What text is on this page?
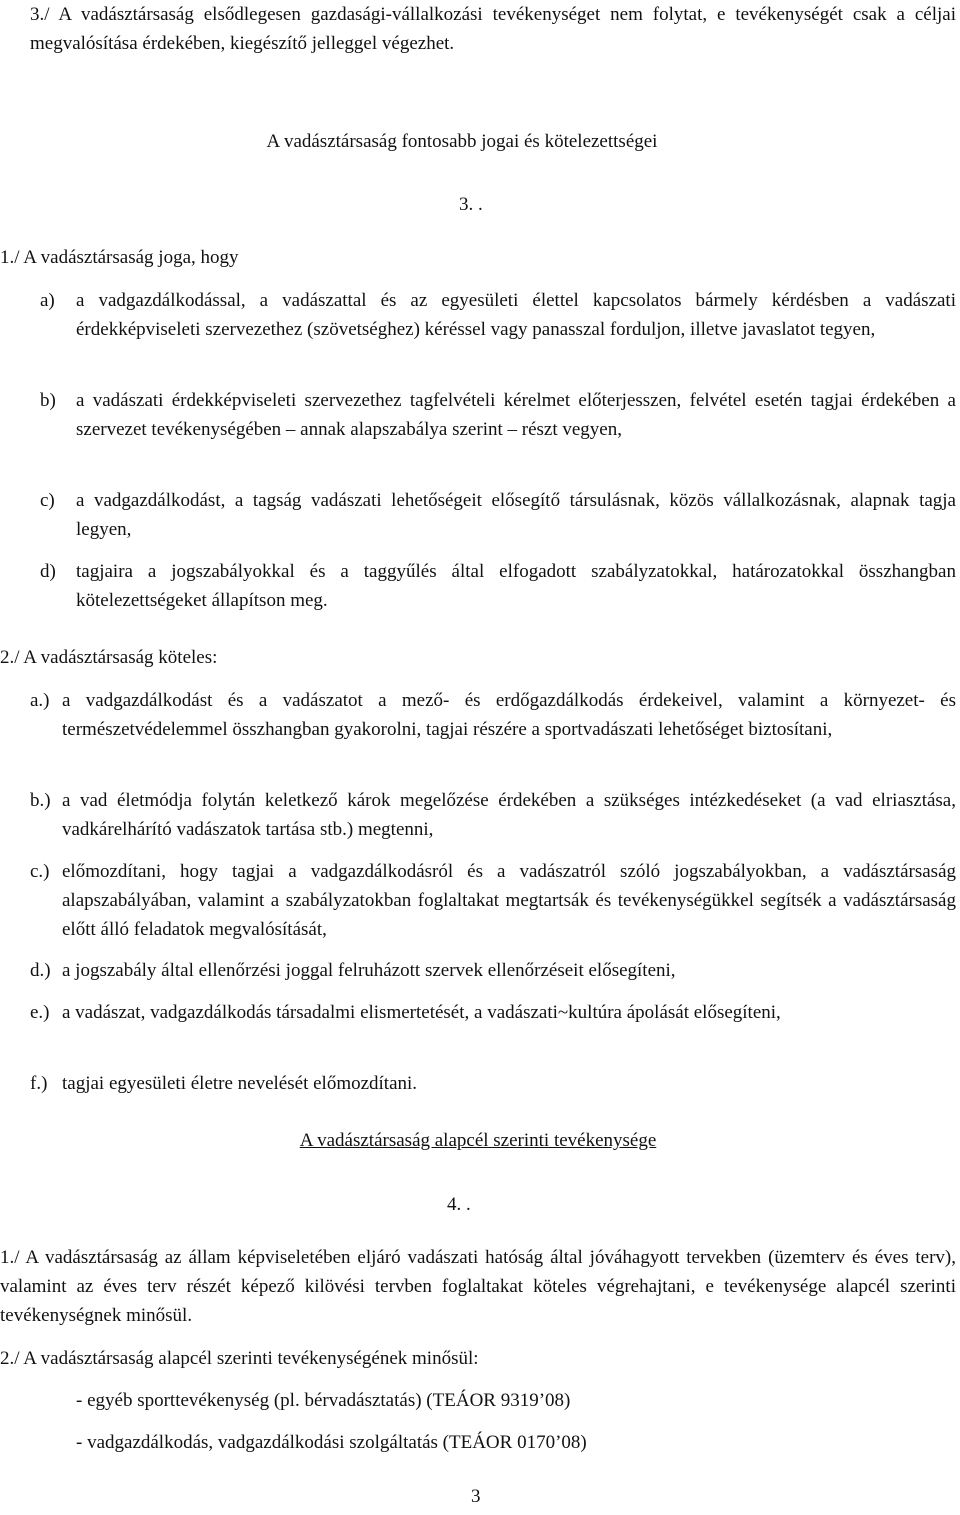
3./ A vadásztársaság elsődlegesen gazdasági-vállalkozási tevékenységet nem folytat, e tevékenységét csak a céljai megvalósítása érdekében, kiegészítő jelleggel végezhet.

A vadásztársaság fontosabb jogai és kötelezettségei

3. .

1./ A vadásztársaság joga, hogy

a) a vadgazdálkodással, a vadászattal és az egyesületi élettel kapcsolatos bármely kérdésben a vadászati érdekképviseleti szervezethez (szövetséghez) kéréssel vagy panasszal forduljon, illetve javaslatot tegyen,
b) a vadászati érdekképviseleti szervezethez tagfelvételi kérelmet előterjesszen, felvétel esetén tagjai érdekében a szervezet tevékenységében – annak alapszabálya szerint – részt vegyen,
c) a vadgazdálkodást, a tagság vadászati lehetőségeit elősegítő társulásnak, közös vállalkozásnak, alapnak tagja legyen,
d) tagjaira a jogszabályokkal és a taggyűlés által elfogadott szabályzatokkal, határozatokkal összhangban kötelezettségeket állapítson meg.

2./ A vadásztársaság köteles:

a.) a vadgazdálkodást és a vadászatot a mező- és erdőgazdálkodás érdekeivel, valamint a környezet- és természetvédelemmel összhangban gyakorolni, tagjai részére a sportvadászati lehetőséget biztosítani,
b.) a vad életmódja folytán keletkező károk megelőzése érdekében a szükséges intézkedéseket (a vad elriasztása, vadkárelhárító vadászatok tartása stb.) megtenni,
c.) előmozdítani, hogy tagjai a vadgazdálkodásról és a vadászatról szóló jogszabályokban, a vadásztársaság alapszabályában, valamint a szabályzatokban foglaltakat megtartsák és tevékenységükkel segítsék a vadásztársaság előtt álló feladatok megvalósítását,
d.) a jogszabály által ellenőrzési joggal felruházott szervek ellenőrzéseit elősegíteni,
e.) a vadászat, vadgazdálkodás társadalmi elismertetését, a vadászati~kultúra ápolását elősegíteni,
f.) tagjai egyesületi életre nevelését előmozdítani.

A vadásztársaság alapcél szerinti tevékenysége

4. .

1./ A vadásztársaság az állam képviseletében eljáró vadászati hatóság által jóváhagyott tervekben (üzemterv és éves terv), valamint az éves terv részét képező kilövési tervben foglaltakat köteles végrehajtani, e tevékenysége alapcél szerinti tevékenységnek minősül.

2./ A vadásztársaság alapcél szerinti tevékenységének minősül:

- egyéb sporttevékenység (pl. bérvadásztatás) (TEÁOR 9319’08)

- vadgazdálkodás, vadgazdálkodási szolgáltatás (TEÁOR 0170’08)

3
